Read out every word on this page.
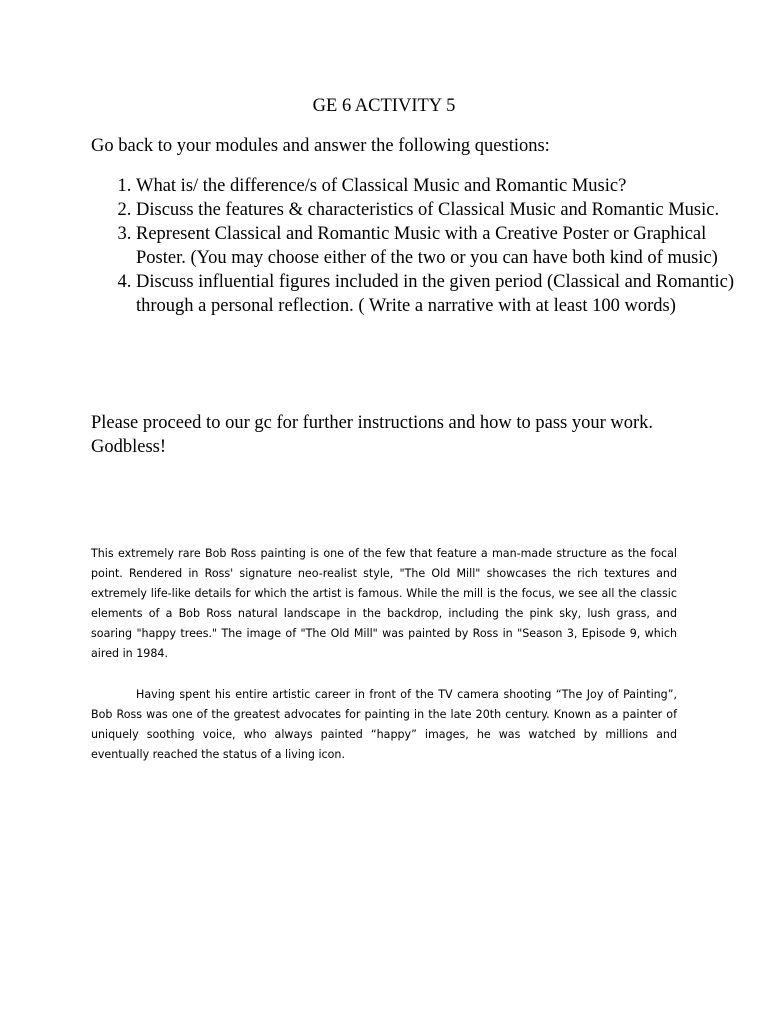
GE 6 ACTIVITY 5
Go back to your modules and answer the following questions:
1. What is/ the difference/s of Classical Music and Romantic Music?
2. Discuss the features & characteristics of Classical Music and Romantic Music.
3. Represent Classical and Romantic Music with a Creative Poster or Graphical Poster. (You may choose either of the two or you can have both kind of music)
4. Discuss influential figures included in the given period (Classical and Romantic) through a personal reflection. ( Write a narrative with at least 100 words)
Please proceed to our gc for further instructions and how to pass your work.
Godbless!
This extremely rare Bob Ross painting is one of the few that feature a man-made structure as the focal point. Rendered in Ross' signature neo-realist style, "The Old Mill" showcases the rich textures and extremely life-like details for which the artist is famous. While the mill is the focus, we see all the classic elements of a Bob Ross natural landscape in the backdrop, including the pink sky, lush grass, and soaring "happy trees." The image of "The Old Mill" was painted by Ross in "Season 3, Episode 9, which aired in 1984.
Having spent his entire artistic career in front of the TV camera shooting “The Joy of Painting”, Bob Ross was one of the greatest advocates for painting in the late 20th century. Known as a painter of uniquely soothing voice, who always painted “happy” images, he was watched by millions and eventually reached the status of a living icon.
